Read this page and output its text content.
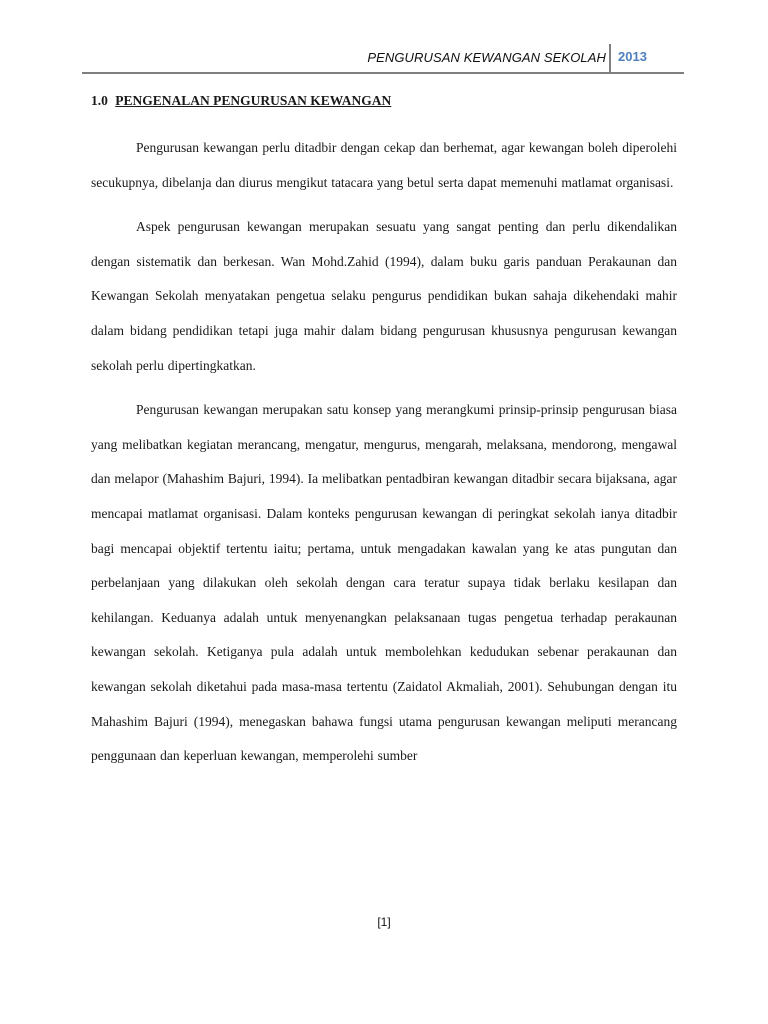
PENGURUSAN KEWANGAN SEKOLAH 2013
1.0 PENGENALAN PENGURUSAN KEWANGAN

Pengurusan kewangan perlu ditadbir dengan cekap dan berhemat, agar kewangan boleh diperolehi secukupnya, dibelanja dan diurus mengikut tatacara yang betul serta dapat memenuhi matlamat organisasi.

Aspek pengurusan kewangan merupakan sesuatu yang sangat penting dan perlu dikendalikan dengan sistematik dan berkesan. Wan Mohd.Zahid (1994), dalam buku garis panduan Perakaunan dan Kewangan Sekolah menyatakan pengetua selaku pengurus pendidikan bukan sahaja dikehendaki mahir dalam bidang pendidikan tetapi juga mahir dalam bidang pengurusan khususnya pengurusan kewangan sekolah perlu dipertingkatkan.

Pengurusan kewangan merupakan satu konsep yang merangkumi prinsip-prinsip pengurusan biasa yang melibatkan kegiatan merancang, mengatur, mengurus, mengarah, melaksana, mendorong, mengawal dan melapor (Mahashim Bajuri, 1994). Ia melibatkan pentadbiran kewangan ditadbir secara bijaksana, agar mencapai matlamat organisasi. Dalam konteks pengurusan kewangan di peringkat sekolah ianya ditadbir bagi mencapai objektif tertentu iaitu; pertama, untuk mengadakan kawalan yang ke atas pungutan dan perbelanjaan yang dilakukan oleh sekolah dengan cara teratur supaya tidak berlaku kesilapan dan kehilangan. Keduanya adalah untuk menyenangkan pelaksanaan tugas pengetua terhadap perakaunan kewangan sekolah. Ketiganya pula adalah untuk membolehkan kedudukan sebenar perakaunan dan kewangan sekolah diketahui pada masa-masa tertentu (Zaidatol Akmaliah, 2001). Sehubungan dengan itu Mahashim Bajuri (1994), menegaskan bahawa fungsi utama pengurusan kewangan meliputi merancang penggunaan dan keperluan kewangan, memperolehi sumber

[1]
